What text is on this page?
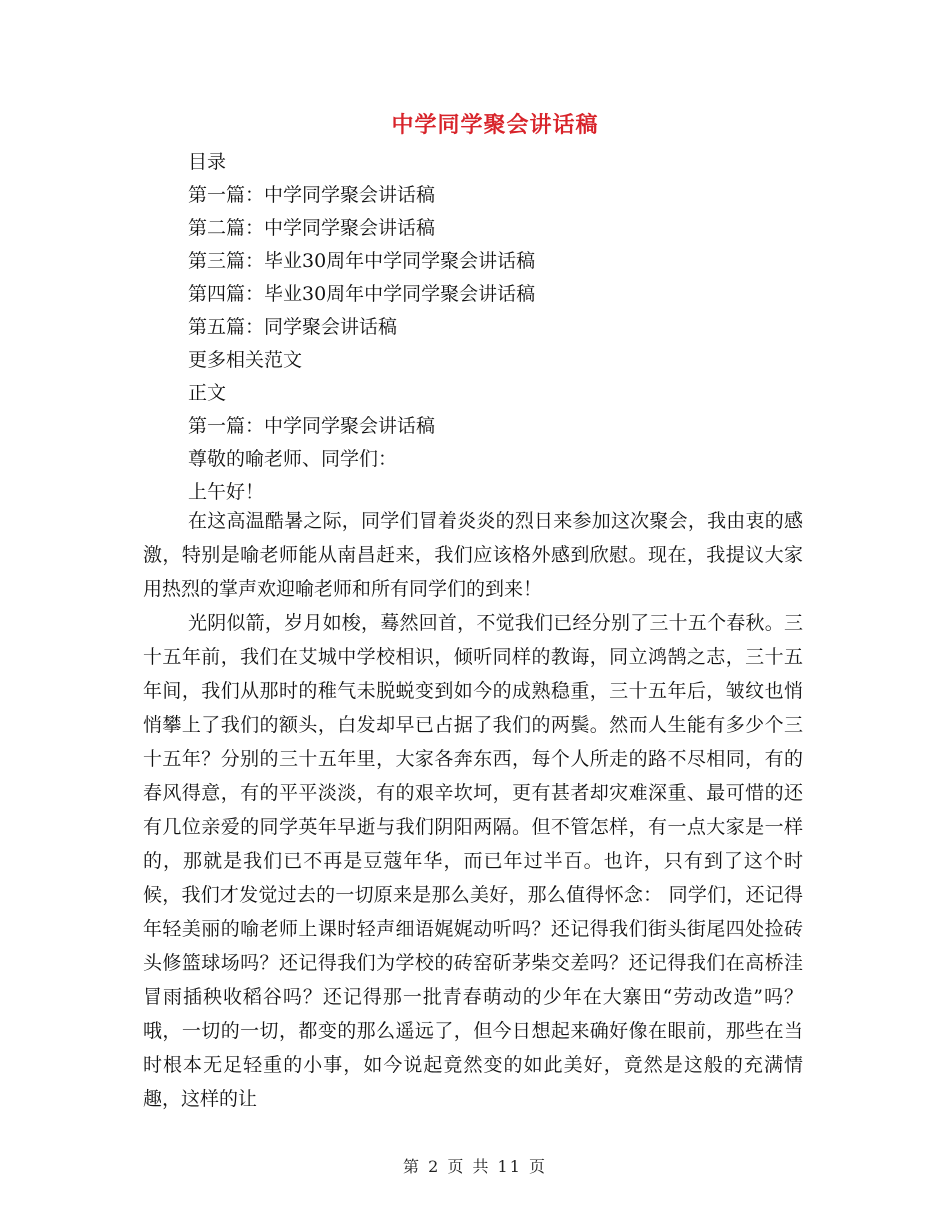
中学同学聚会讲话稿
目录
第一篇：中学同学聚会讲话稿
第二篇：中学同学聚会讲话稿
第三篇：毕业30周年中学同学聚会讲话稿
第四篇：毕业30周年中学同学聚会讲话稿
第五篇：同学聚会讲话稿
更多相关范文
正文
第一篇：中学同学聚会讲话稿
尊敬的喻老师、同学们：
上午好！

在这高温酷暑之际，同学们冒着炎炎的烈日来参加这次聚会，我由衷的感激，特别是喻老师能从南昌赶来，我们应该格外感到欣慰。现在，我提议大家用热烈的掌声欢迎喻老师和所有同学们的到来！

光阴似箭，岁月如梭，蓦然回首，不觉我们已经分别了三十五个春秋。三十五年前，我们在艾城中学校相识，倾听同样的教诲，同立鸿鹄之志，三十五年间，我们从那时的稚气未脱蜕变到如今的成熟稳重，三十五年后，皱纹也悄悄攀上了我们的额头，白发却早已占据了我们的两鬓。然而人生能有多少个三十五年？分别的三十五年里，大家各奔东西，每个人所走的路不尽相同，有的春风得意，有的平平淡淡，有的艰辛坎坷，更有甚者却灾难深重、最可惜的还有几位亲爱的同学英年早逝与我们阴阳两隔。但不管怎样，有一点大家是一样的，那就是我们已不再是豆蔻年华，而已年过半百。也许，只有到了这个时候，我们才发觉过去的一切原来是那么美好，那么值得怀念： 同学们，还记得年轻美丽的喻老师上课时轻声细语娓娓动听吗？还记得我们街头街尾四处捡砖头修篮球场吗？还记得我们为学校的砖窑斫茅柴交差吗？还记得我们在高桥洼冒雨插秧收稻谷吗？还记得那一批青春萌动的少年在大寨田“劳动改造”吗？哦，一切的一切，都变的那么遥远了，但今日想起来确好像在眼前，那些在当时根本无足轻重的小事，如今说起竟然变的如此美好，竟然是这般的充满情趣，这样的让

第 2 页 共 11 页
